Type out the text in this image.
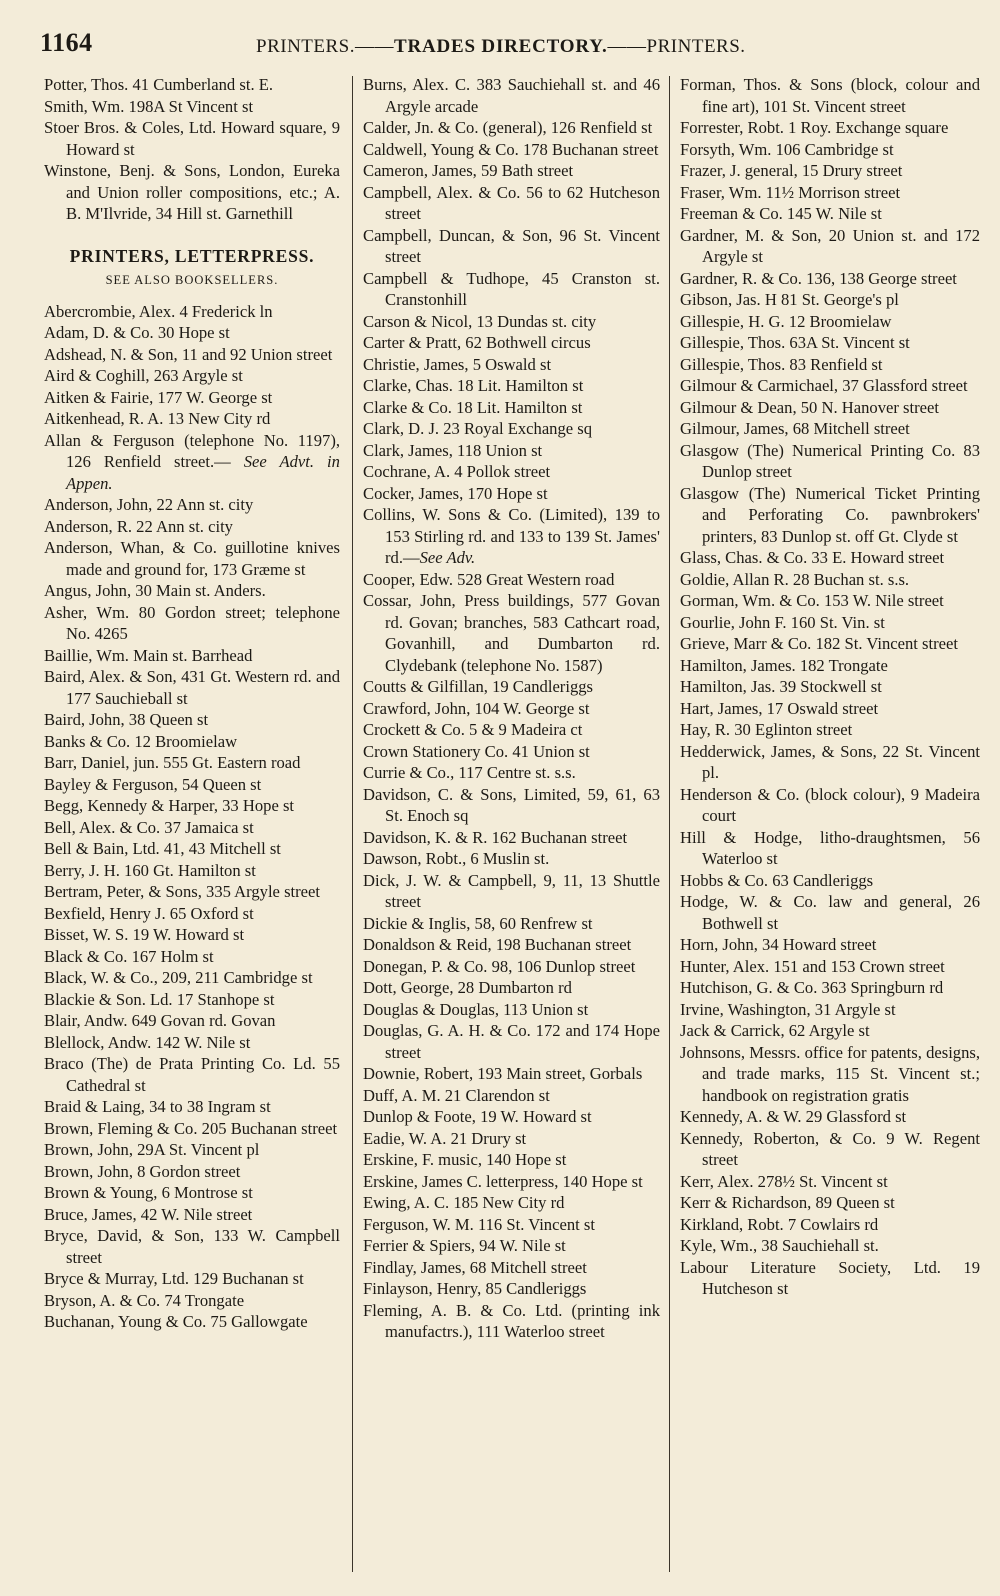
1164	PRINTERS.——TRADES DIRECTORY.——PRINTERS.

Potter, Thos. 41 Cumberland st. E.

Smith, Wm. 198A St Vincent st

Stoer Bros. & Coles, Ltd. Howard square, 9 Howard st

Winstone, Benj. & Sons, London, Eureka and Union roller compositions, etc.; A. B. M'Ilvride, 34 Hill st. Garnethill

PRINTERS, LETTERPRESS.
SEE ALSO BOOKSELLERS.

Abercrombie, Alex. 4 Frederick ln

Adam, D. & Co. 30 Hope st

Adshead, N. & Son, 11 and 92 Union street

Aird & Coghill, 263 Argyle st

Aitken & Fairie, 177 W. George st

Aitkenhead, R. A. 13 New City rd

Allan & Ferguson (telephone No. 1197), 126 Renfield street.— See Advt. in Appen.

Anderson, John, 22 Ann st. city

Anderson, R. 22 Ann st. city

Anderson, Whan, & Co. guillotine knives made and ground for, 173 Græme st

Angus, John, 30 Main st. Anders.

Asher, Wm. 80 Gordon street; telephone No. 4265

Baillie, Wm. Main st. Barrhead

Baird, Alex. & Son, 431 Gt. Western rd. and 177 Sauchieball st

Baird, John, 38 Queen st

Banks & Co. 12 Broomielaw

Barr, Daniel, jun. 555 Gt. Eastern road

Bayley & Ferguson, 54 Queen st

Begg, Kennedy & Harper, 33 Hope st

Bell, Alex. & Co. 37 Jamaica st

Bell & Bain, Ltd. 41, 43 Mitchell st

Berry, J. H. 160 Gt. Hamilton st

Bertram, Peter, & Sons, 335 Argyle street

Bexfield, Henry J. 65 Oxford st

Bisset, W. S. 19 W. Howard st

Black & Co. 167 Holm st

Black, W. & Co., 209, 211 Cambridge st

Blackie & Son. Ld. 17 Stanhope st

Blair, Andw. 649 Govan rd. Govan

Blellock, Andw. 142 W. Nile st

Braco (The) de Prata Printing Co. Ld. 55 Cathedral st

Braid & Laing, 34 to 38 Ingram st

Brown, Fleming & Co. 205 Buchanan street

Brown, John, 29A St. Vincent pl

Brown, John, 8 Gordon street

Brown & Young, 6 Montrose st

Bruce, James, 42 W. Nile street

Bryce, David, & Son, 133 W. Campbell street

Bryce & Murray, Ltd. 129 Buchanan st

Bryson, A. & Co. 74 Trongate

Buchanan, Young & Co. 75 Gallowgate

Burns, Alex. C. 383 Sauchiehall st. and 46 Argyle arcade

Calder, Jn. & Co. (general), 126 Renfield st

Caldwell, Young & Co. 178 Buchanan street

Cameron, James, 59 Bath street

Campbell, Alex. & Co. 56 to 62 Hutcheson street

Campbell, Duncan, & Son, 96 St. Vincent street

Campbell & Tudhope, 45 Cranston st. Cranstonhill

Carson & Nicol, 13 Dundas st. city

Carter & Pratt, 62 Bothwell circus

Christie, James, 5 Oswald st

Clarke, Chas. 18 Lit. Hamilton st

Clarke & Co. 18 Lit. Hamilton st

Clark, D. J. 23 Royal Exchange sq

Clark, James, 118 Union st

Cochrane, A. 4 Pollok street

Cocker, James, 170 Hope st

Collins, W. Sons & Co. (Limited), 139 to 153 Stirling rd. and 133 to 139 St. James' rd.—See Adv.

Cooper, Edw. 528 Great Western road

Cossar, John, Press buildings, 577 Govan rd. Govan; branches, 583 Cathcart road, Govanhill, and Dumbarton rd. Clydebank (telephone No. 1587)

Coutts & Gilfillan, 19 Candleriggs

Crawford, John, 104 W. George st

Crockett & Co. 5 & 9 Madeira ct

Crown Stationery Co. 41 Union st

Currie & Co., 117 Centre st. s.s.

Davidson, C. & Sons, Limited, 59, 61, 63 St. Enoch sq

Davidson, K. & R. 162 Buchanan street

Dawson, Robt., 6 Muslin st.

Dick, J. W. & Campbell, 9, 11, 13 Shuttle street

Dickie & Inglis, 58, 60 Renfrew st

Donaldson & Reid, 198 Buchanan street

Donegan, P. & Co. 98, 106 Dunlop street

Dott, George, 28 Dumbarton rd

Douglas & Douglas, 113 Union st

Douglas, G. A. H. & Co. 172 and 174 Hope street

Downie, Robert, 193 Main street, Gorbals

Duff, A. M. 21 Clarendon st

Dunlop & Foote, 19 W. Howard st

Eadie, W. A. 21 Drury st

Erskine, F. music, 140 Hope st

Erskine, James C. letterpress, 140 Hope st

Ewing, A. C. 185 New City rd

Ferguson, W. M. 116 St. Vincent st

Ferrier & Spiers, 94 W. Nile st

Findlay, James, 68 Mitchell street

Finlayson, Henry, 85 Candleriggs

Fleming, A. B. & Co. Ltd. (printing ink manufactrs.), 111 Waterloo street

Forman, Thos. & Sons (block, colour and fine art), 101 St. Vincent street

Forrester, Robt. 1 Roy. Exchange square

Forsyth, Wm. 106 Cambridge st

Frazer, J. general, 15 Drury street

Fraser, Wm. 11½ Morrison street

Freeman & Co. 145 W. Nile st

Gardner, M. & Son, 20 Union st. and 172 Argyle st

Gardner, R. & Co. 136, 138 George street

Gibson, Jas. H 81 St. George's pl

Gillespie, H. G. 12 Broomielaw

Gillespie, Thos. 63A St. Vincent st

Gillespie, Thos. 83 Renfield st

Gilmour & Carmichael, 37 Glassford street

Gilmour & Dean, 50 N. Hanover street

Gilmour, James, 68 Mitchell street

Glasgow (The) Numerical Printing Co. 83 Dunlop street

Glasgow (The) Numerical Ticket Printing and Perforating Co. pawnbrokers' printers, 83 Dunlop st. off Gt. Clyde st

Glass, Chas. & Co. 33 E. Howard street

Goldie, Allan R. 28 Buchan st. s.s.

Gorman, Wm. & Co. 153 W. Nile street

Gourlie, John F. 160 St. Vin. st

Grieve, Marr & Co. 182 St. Vincent street

Hamilton, James. 182 Trongate

Hamilton, Jas. 39 Stockwell st

Hart, James, 17 Oswald street

Hay, R. 30 Eglinton street

Hedderwick, James, & Sons, 22 St. Vincent pl.

Henderson & Co. (block colour), 9 Madeira court

Hill & Hodge, litho-draughtsmen, 56 Waterloo st

Hobbs & Co. 63 Candleriggs

Hodge, W. & Co. law and general, 26 Bothwell st

Horn, John, 34 Howard street

Hunter, Alex. 151 and 153 Crown street

Hutchison, G. & Co. 363 Springburn rd

Irvine, Washington, 31 Argyle st

Jack & Carrick, 62 Argyle st

Johnsons, Messrs. office for patents, designs, and trade marks, 115 St. Vincent st.; handbook on registration gratis

Kennedy, A. & W. 29 Glassford st

Kennedy, Roberton, & Co. 9 W. Regent street

Kerr, Alex. 278½ St. Vincent st

Kerr & Richardson, 89 Queen st

Kirkland, Robt. 7 Cowlairs rd

Kyle, Wm., 38 Sauchiehall st.

Labour Literature Society, Ltd. 19 Hutcheson st
